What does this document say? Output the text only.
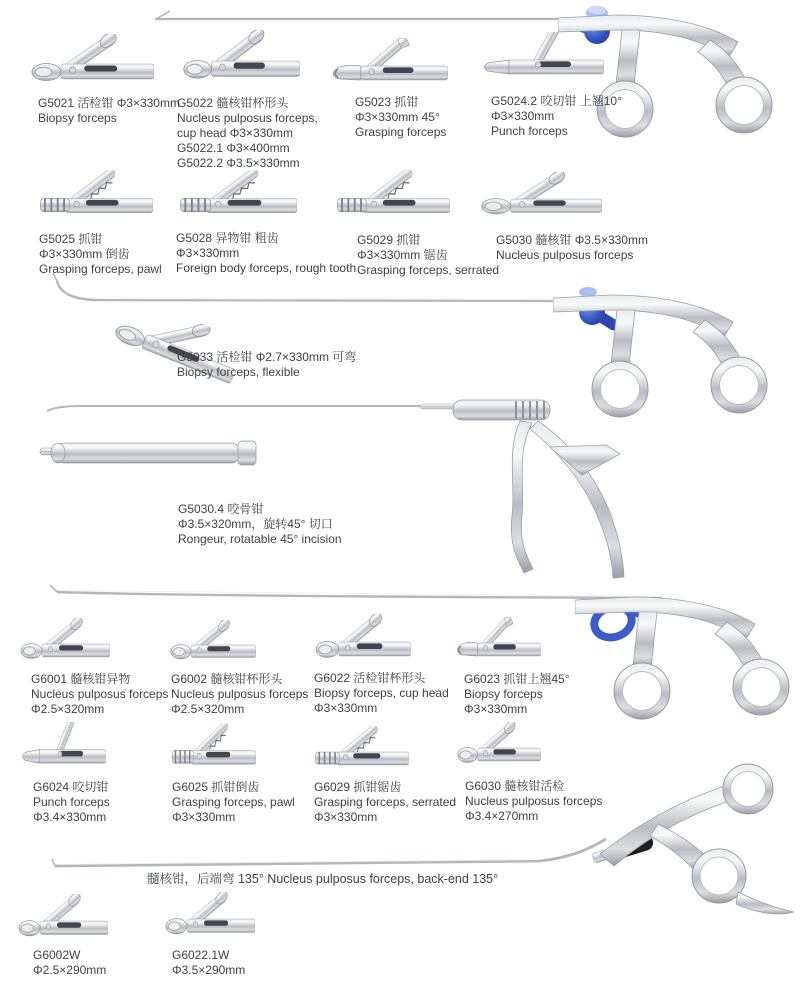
G5021 活检钳 Φ3×330mm
Biopsy forceps
G5022 髓核钳杯形头
Nucleus pulposus forceps,
cup head Φ3×330mm
G5022.1 Φ3×400mm
G5022.2 Φ3.5×330mm
G5023 抓钳
Φ3×330mm 45°
Grasping forceps
G5024.2 咬切钳 上翘10°
Φ3×330mm
Punch forceps
G5025 抓钳
Φ3×330mm 倒齿
Grasping forceps, pawl
G5028 异物钳 粗齿
Φ3×330mm
Foreign body forceps, rough tooth
G5029 抓钳
Φ3×330mm 锯齿
Grasping forceps, serrated
G5030 髓核钳 Φ3.5×330mm
Nucleus pulposus forceps
G5033 活检钳 Φ2.7×330mm 可弯
Biopsy forceps, flexible
G5030.4 咬骨钳
Φ3.5×320mm，旋转45° 切口
Rongeur, rotatable 45° incision
G6001 髓核钳异物
Nucleus pulposus forceps
Φ2.5×320mm
G6002 髓核钳杯形头
Nucleus pulposus forceps
Φ2.5×320mm
G6022 活检钳杯形头
Biopsy forceps, cup head
Φ3×330mm
G6023 抓钳上翘45°
Biopsy forceps
Φ3×330mm
G6024 咬切钳
Punch forceps
Φ3.4×330mm
G6025 抓钳倒齿
Grasping forceps, pawl
Φ3×330mm
G6029 抓钳锯齿
Grasping forceps, serrated
Φ3×330mm
G6030 髓核钳活检
Nucleus pulposus forceps
Φ3.4×270mm
髓核钳，后端弯 135° Nucleus pulposus forceps, back-end 135°
G6002W
Φ2.5×290mm
G6022.1W
Φ3.5×290mm
